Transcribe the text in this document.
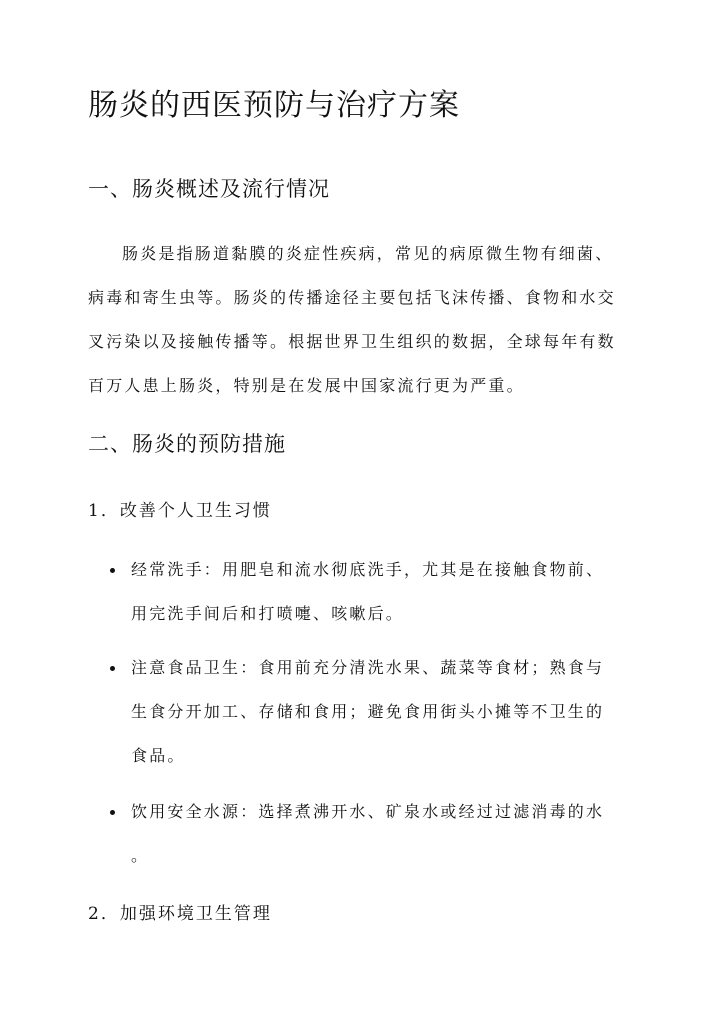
肠炎的西医预防与治疗方案
一、肠炎概述及流行情况
肠炎是指肠道黏膜的炎症性疾病，常见的病原微生物有细菌、
病毒和寄生虫等。肠炎的传播途径主要包括飞沫传播、食物和水交
叉污染以及接触传播等。根据世界卫生组织的数据，全球每年有数
百万人患上肠炎，特别是在发展中国家流行更为严重。
二、肠炎的预防措施
1．改善个人卫生习惯
经常洗手：用肥皂和流水彻底洗手，尤其是在接触食物前、
用完洗手间后和打喷嚏、咳嗽后。
注意食品卫生：食用前充分清洗水果、蔬菜等食材；熟食与
生食分开加工、存储和食用；避免食用街头小摊等不卫生的
食品。
饮用安全水源：选择煮沸开水、矿泉水或经过过滤消毒的水
。
2．加强环境卫生管理
